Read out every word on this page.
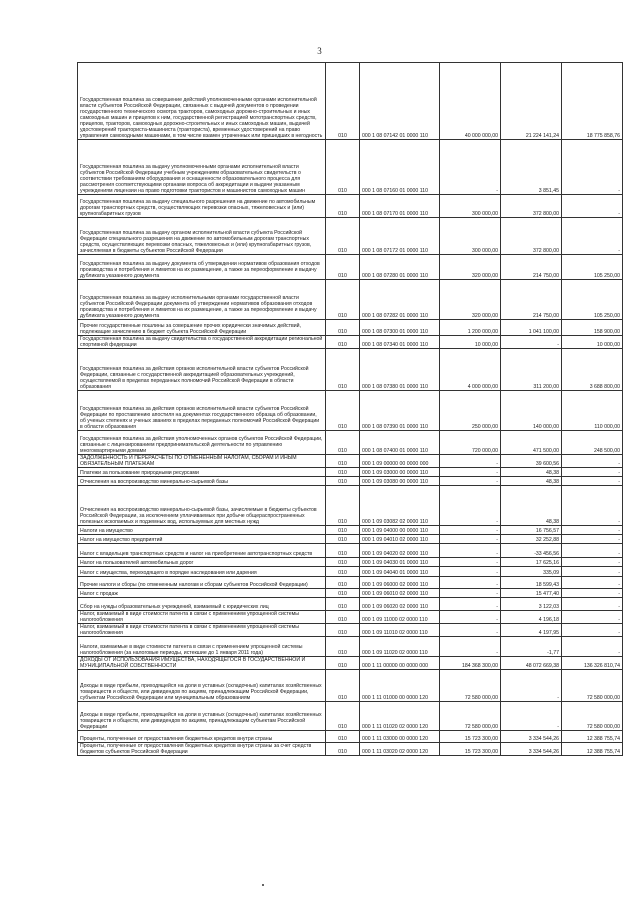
3
Государственная пошлина за совершение действий уполномоченными органами исполнительной власти субъектов Российской Федерации, связанных с выдачей документов о проведении государственного технического осмотра тракторов, самоходных дорожно-строительных и иных самоходных машин и прицепов к ним, государственной регистрацией мототранспортных средств, прицепов, тракторов, самоходных дорожно-строительных и иных самоходных машин, выдачей удостоверений тракториста-машиниста (тракториста), временных удостоверений на право управления самоходными машинами, в том числе взамен утраченных или пришедших в негодность	010	000 1 08 07142 01 0000 110	40 000 000,00	21 224 141,24	18 775 858,76

Государственная пошлина за выдачу уполномоченными органами исполнительной власти субъектов Российской Федерации учебным учреждениям образовательных свидетельств о соответствии требованиям оборудования и оснащенности образовательного процесса для рассмотрения соответствующими органами вопроса об аккредитации и выдачи указанным учреждениям лицензии на право подготовки трактористов и машинистов самоходных машин	010	000 1 08 07160 01 0000 110	-	3 851,45	-

Государственная пошлина за выдачу специального разрешения на движение по автомобильным дорогам транспортных средств, осуществляющих перевозки опасных, тяжеловесных и (или) крупногабаритных грузов	010	000 1 08 07170 01 0000 110	300 000,00	372 800,00	-

Государственная пошлина за выдачу органом исполнительной власти субъекта Российской Федерации специального разрешения на движение по автомобильным дорогам транспортных средств, осуществляющих перевозки опасных, тяжеловесных и (или) крупногабаритных грузов, зачисляемая в бюджеты субъектов Российской Федерации	010	000 1 08 07172 01 0000 110	300 000,00	372 800,00	-

Государственная пошлина за выдачу документа об утверждении нормативов образования отходов производства и потребления и лимитов на их размещение, а также за переоформление и выдачу дубликата указанного документа	010	000 1 08 07280 01 0000 110	320 000,00	214 750,00	105 250,00

Государственная пошлина за выдачу исполнительными органами государственной власти субъектов Российской Федерации документа об утверждении нормативов образования отходов производства и потребления и лимитов на их размещение, а также за переоформление и выдачу дубликата указанного документа	010	000 1 08 07282 01 0000 110	320 000,00	214 750,00	105 250,00

Прочие государственные пошлины за совершение прочих юридически значимых действий, подлежащие зачислению в бюджет субъекта Российской Федерации	010	000 1 08 07300 01 0000 110	1 200 000,00	1 041 100,00	158 900,00

Государственная пошлина за выдачу свидетельства о государственной аккредитации региональной спортивной федерации	010	000 1 08 07340 01 0000 110	10 000,00	-	10 000,00

Государственная пошлина за действия органов исполнительной власти субъектов Российской Федерации, связанные с государственной аккредитацией образовательных учреждений, осуществляемой в пределах переданных полномочий Российской Федерации в области образования	010	000 1 08 07380 01 0000 110	4 000 000,00	311 200,00	3 688 800,00

Государственная пошлина за действия органов исполнительной власти субъектов Российской Федерации по проставлению апостиля на документах государственного образца об образовании, об ученых степенях и ученых званиях в пределах переданных полномочий Российской Федерации в области образования	010	000 1 08 07390 01 0000 110	250 000,00	140 000,00	110 000,00

Государственная пошлина за действия уполномоченных органов субъектов Российской Федерации, связанные с лицензированием предпринимательской деятельности по управлению многоквартирными домами	010	000 1 08 07400 01 0000 110	720 000,00	471 500,00	248 500,00

ЗАДОЛЖЕННОСТЬ И ПЕРЕРАСЧЕТЫ ПО ОТМЕНЕННЫМ НАЛОГАМ, СБОРАМ И ИНЫМ ОБЯЗАТЕЛЬНЫМ ПЛАТЕЖАМ	010	000 1 09 00000 00 0000 000	-	39 600,56	-

Платежи за пользование природными ресурсами	010	000 1 09 03000 00 0000 110	-	48,38	-

Отчисления на воспроизводство минерально-сырьевой базы	010	000 1 09 03080 00 0000 110	-	48,38	-

Отчисления на воспроизводство минерально-сырьевой базы, зачисляемые в бюджеты субъектов Российской Федерации, за исключением уплачиваемых при добыче общераспространенных полезных ископаемых и подземных вод, используемых для местных нужд	010	000 1 09 03082 02 0000 110	-	48,38	-

Налоги на имущество	010	000 1 09 04000 00 0000 110	-	16 756,57	-

Налог на имущество предприятий	010	000 1 09 04010 02 0000 110	-	32 252,88	-

Налог с владельцев транспортных средств и налог на приобретение автотранспортных средств	010	000 1 09 04020 02 0000 110	-	-33 456,56	-

Налог на пользователей автомобильных дорог	010	000 1 09 04030 01 0000 110	-	17 625,16	-

Налог с имущества, переходящего в порядке наследования или дарения	010	000 1 09 04040 01 0000 110	-	335,09	-

Прочие налоги и сборы (по отмененным налогам и сборам субъектов Российской Федерации)	010	000 1 09 06000 02 0000 110	-	18 599,43	-

Налог с продаж	010	000 1 09 06010 02 0000 110	-	15 477,40	-

Сбор на нужды образовательных учреждений, взимаемый с юридических лиц	010	000 1 09 06020 02 0000 110	-	3 122,03	-

Налог, взимаемый в виде стоимости патента в связи с применением упрощенной системы налогообложения	010	000 1 09 11000 02 0000 110	-	4 196,18	-

Налог, взимаемый в виде стоимости патента в связи с применением упрощенной системы налогообложения	010	000 1 09 11010 02 0000 110	-	4 197,95	-

Налоги, взимаемые в виде стоимости патента в связи с применением упрощенной системы налогообложения (за налоговые периоды, истекшие до 1 января 2011 года)	010	000 1 09 11020 02 0000 110	-	-1,77	-

ДОХОДЫ ОТ ИСПОЛЬЗОВАНИЯ ИМУЩЕСТВА, НАХОДЯЩЕГОСЯ В ГОСУДАРСТВЕННОЙ И МУНИЦИПАЛЬНОЙ СОБСТВЕННОСТИ	010	000 1 11 00000 00 0000 000	184 368 300,00	48 072 669,38	136 326 810,74

Доходы в виде прибыли, приходящейся на доли в уставных (складочных) капиталах хозяйственных товариществ и обществ, или дивидендов по акциям, принадлежащим Российской Федерации, субъектам Российской Федерации или муниципальным образованиям	010	000 1 11 01000 00 0000 120	72 580 000,00	-	72 580 000,00

Доходы в виде прибыли, приходящейся на доли в уставных (складочных) капиталах хозяйственных товариществ и обществ, или дивидендов по акциям, принадлежащим субъектам Российской Федерации	010	000 1 11 01020 02 0000 120	72 580 000,00	-	72 580 000,00

Проценты, полученные от предоставления бюджетных кредитов внутри страны	010	000 1 11 03000 00 0000 120	15 723 300,00	3 334 544,26	12 388 755,74

Проценты, полученные от предоставления бюджетных кредитов внутри страны за счет средств бюджетов субъектов Российской Федерации	010	000 1 11 03020 02 0000 120	15 723 300,00	3 334 544,26	12 388 755,74
